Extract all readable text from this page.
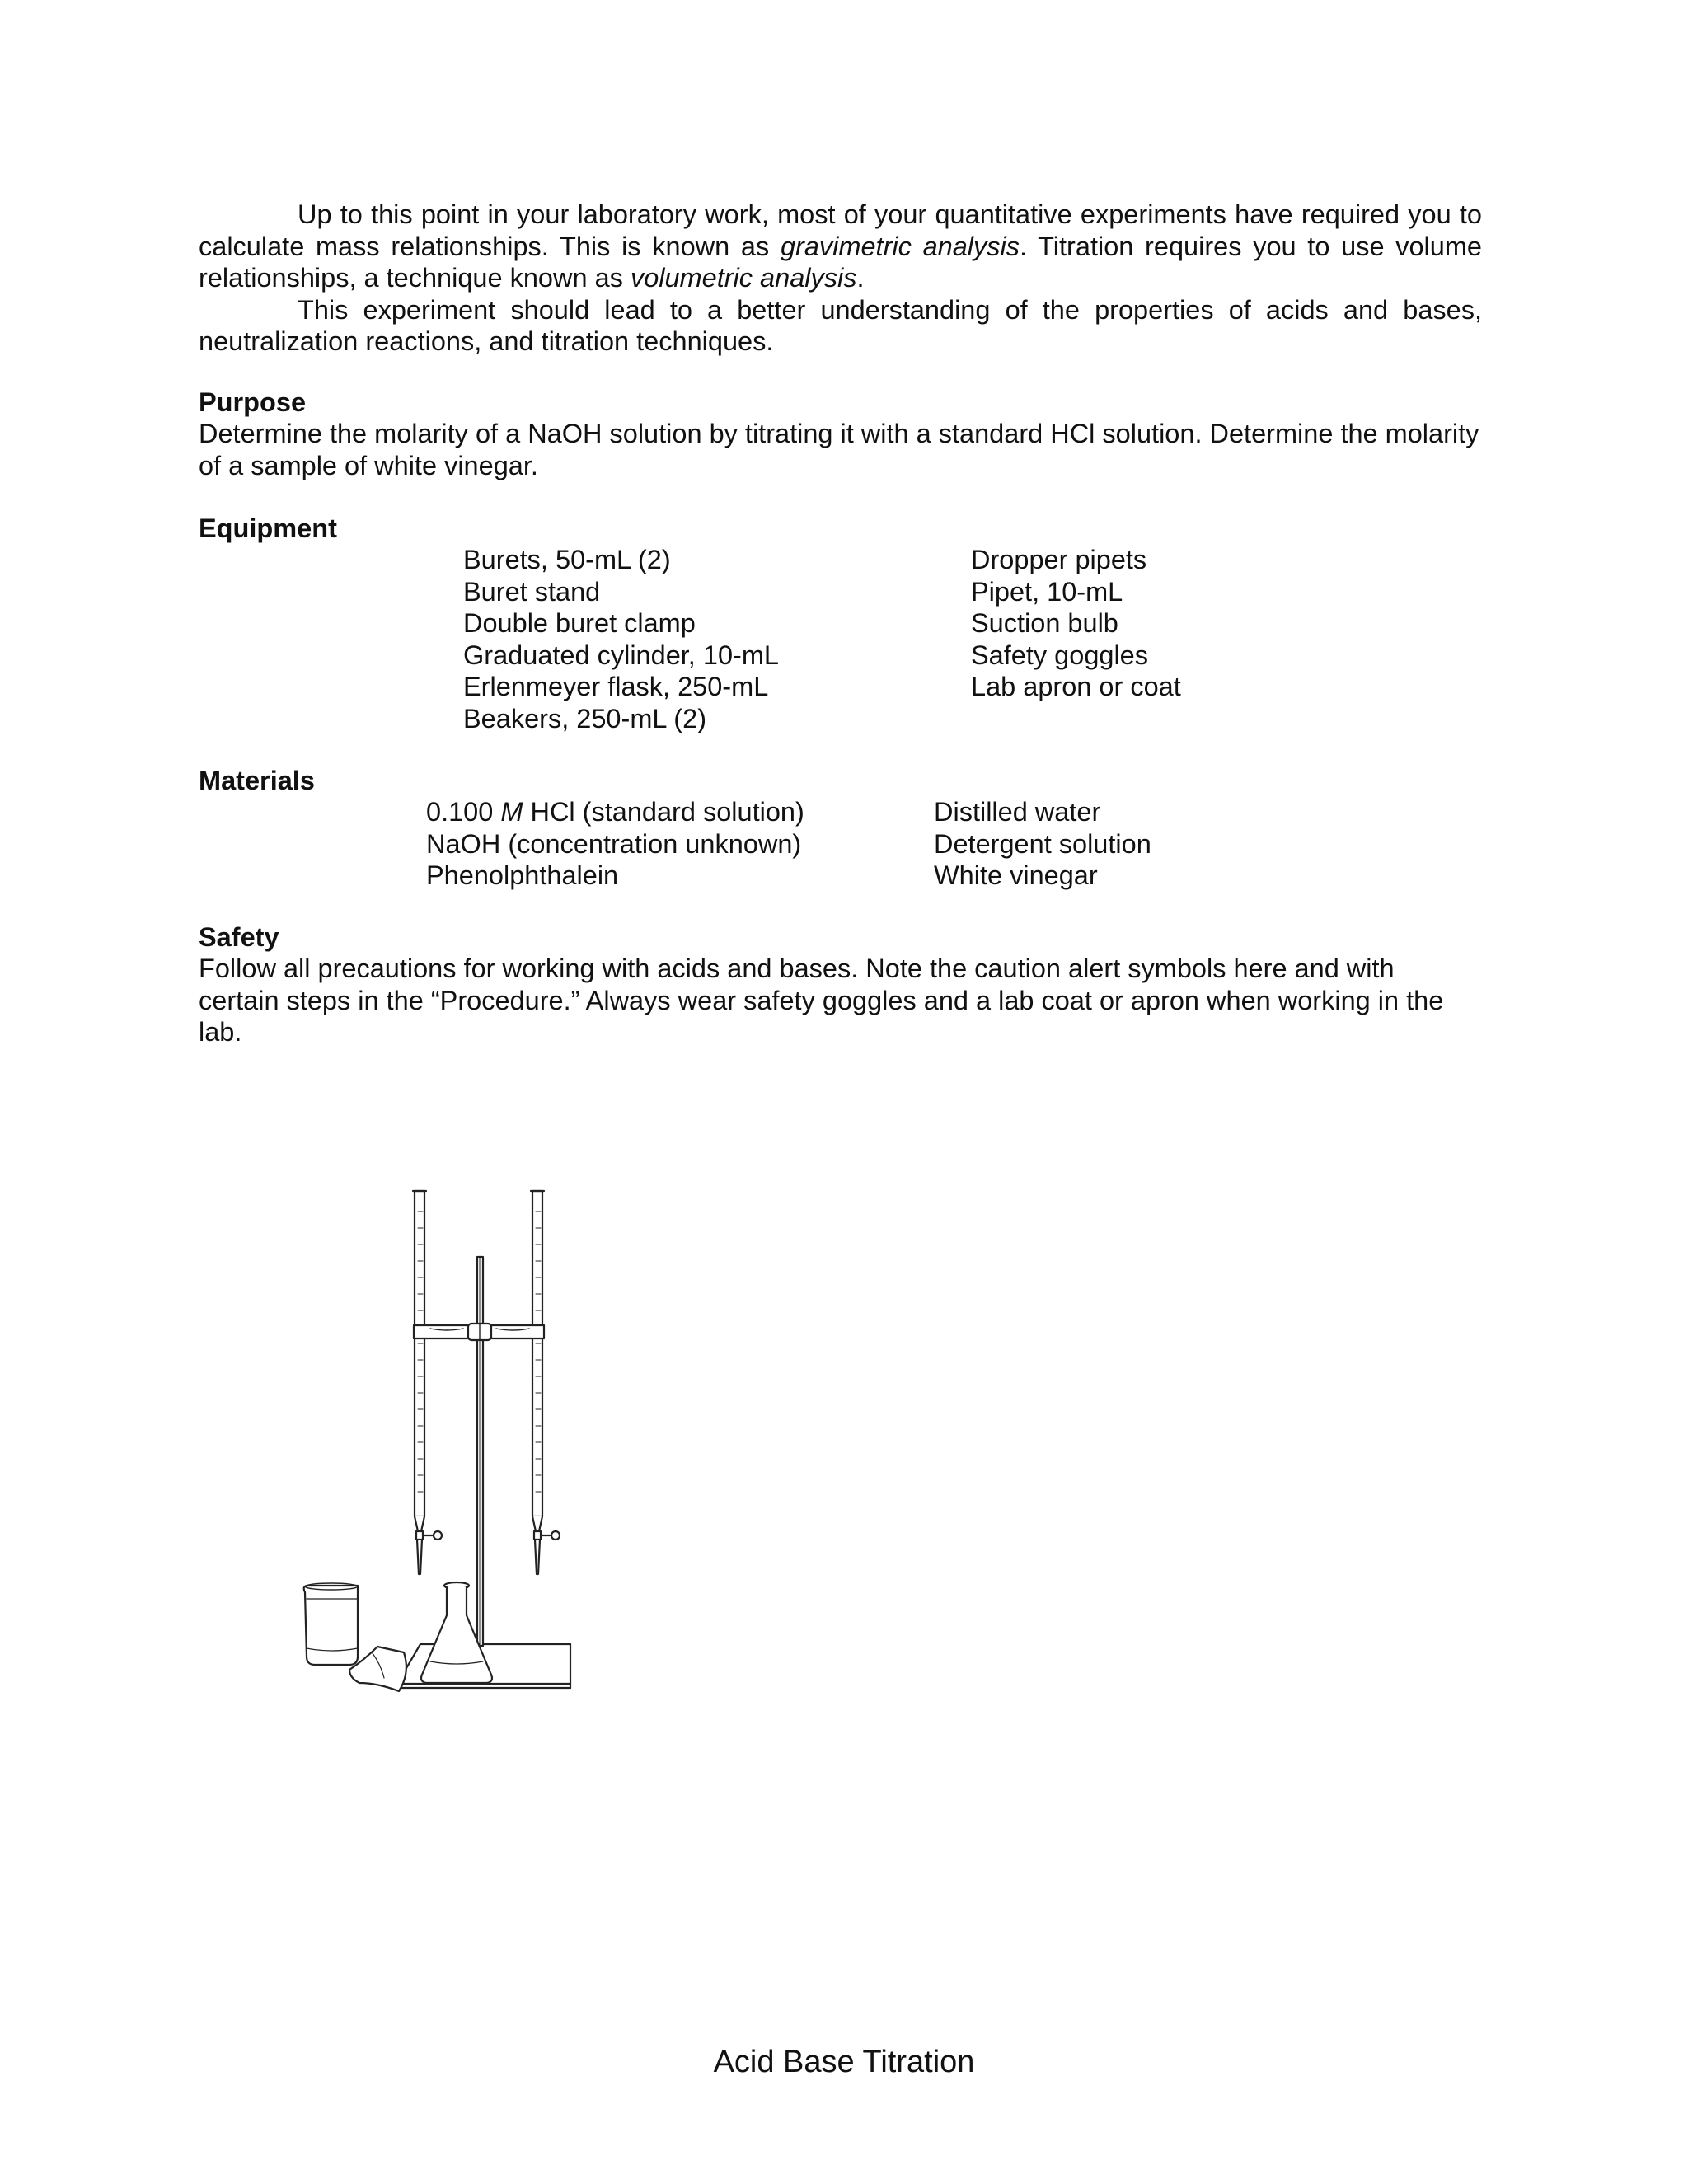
Up to this point in your laboratory work, most of your quantitative experiments have required you to calculate mass relationships. This is known as gravimetric analysis. Titration requires you to use volume relationships, a technique known as volumetric analysis.

This experiment should lead to a better understanding of the properties of acids and bases, neutralization reactions, and titration techniques.

Purpose

Determine the molarity of a NaOH solution by titrating it with a standard HCl solution. Determine the molarity of a sample of white vinegar.

Equipment
Burets, 50-mL (2)
Buret stand
Double buret clamp
Graduated cylinder, 10-mL
Erlenmeyer flask, 250-mL
Beakers, 250-mL (2)
Dropper pipets
Pipet, 10-mL
Suction bulb
Safety goggles
Lab apron or coat
Materials
0.100 M HCl (standard solution)
NaOH (concentration unknown)
Phenolphthalein
Distilled water
Detergent solution
White vinegar
Safety

Follow all precautions for working with acids and bases. Note the caution alert symbols here and with certain steps in the “Procedure.” Always wear safety goggles and a lab coat or apron when working in the lab.

Acid Base Titration
